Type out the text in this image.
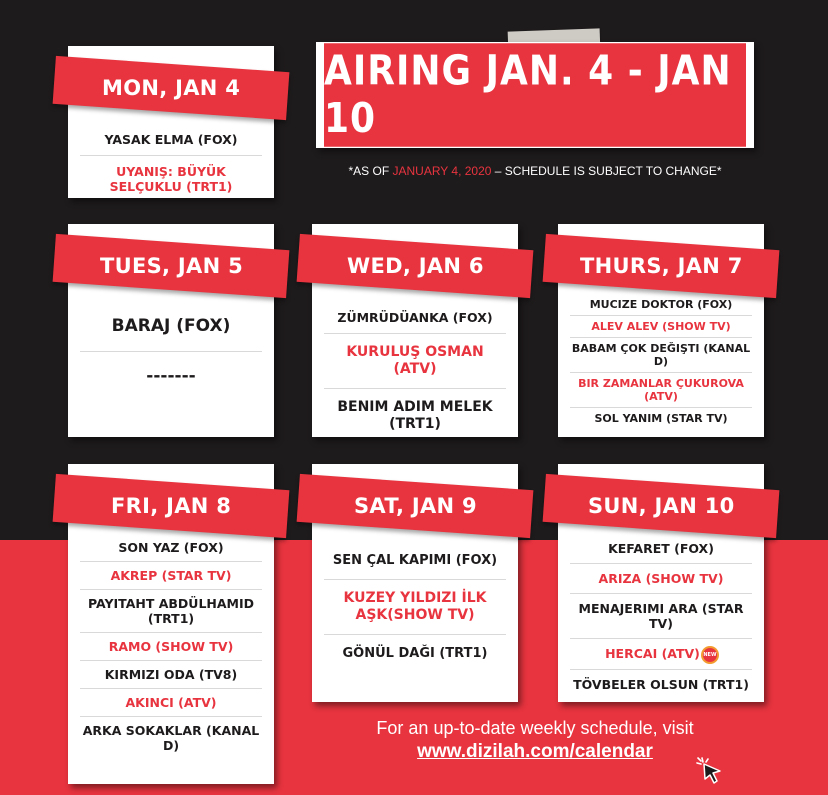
AIRING JAN. 4 - JAN 10
*AS OF JANUARY 4, 2020 – SCHEDULE IS SUBJECT TO CHANGE*
MON, JAN 4
YASAK ELMA (FOX)
UYANIŞ: BÜYÜK SELÇUKLU (TRT1)
TUES, JAN 5
BARAJ (FOX)
-------
WED, JAN 6
ZÜMRÜDÜANKA (FOX)
KURULUŞ OSMAN (ATV)
BENIM ADIM MELEK (TRT1)
THURS, JAN 7
MUCIZE DOKTOR (FOX)
ALEV ALEV (SHOW TV)
BABAM ÇOK DEĞIŞTI (KANAL D)
BIR ZAMANLAR ÇUKUROVA (ATV)
SOL YANIM (STAR TV)
FRI, JAN 8
SON YAZ (FOX)
AKREP (STAR TV)
PAYITAHT ABDÜLHAMID (TRT1)
RAMO (SHOW TV)
KIRMIZI ODA (TV8)
AKINCI (ATV)
ARKA SOKAKLAR (KANAL D)
SAT, JAN 9
SEN ÇAL KAPIMI (FOX)
KUZEY YILDIZI İLK AŞK(SHOW TV)
GÖNÜL DAĞI (TRT1)
SUN, JAN 10
KEFARET (FOX)
ARIZA (SHOW TV)
MENAJERIMI ARA (STAR TV)
HERCAI (ATV) NEW
TÖVBELER OLSUN (TRT1)
For an up-to-date weekly schedule, visit
www.dizilah.com/calendar
